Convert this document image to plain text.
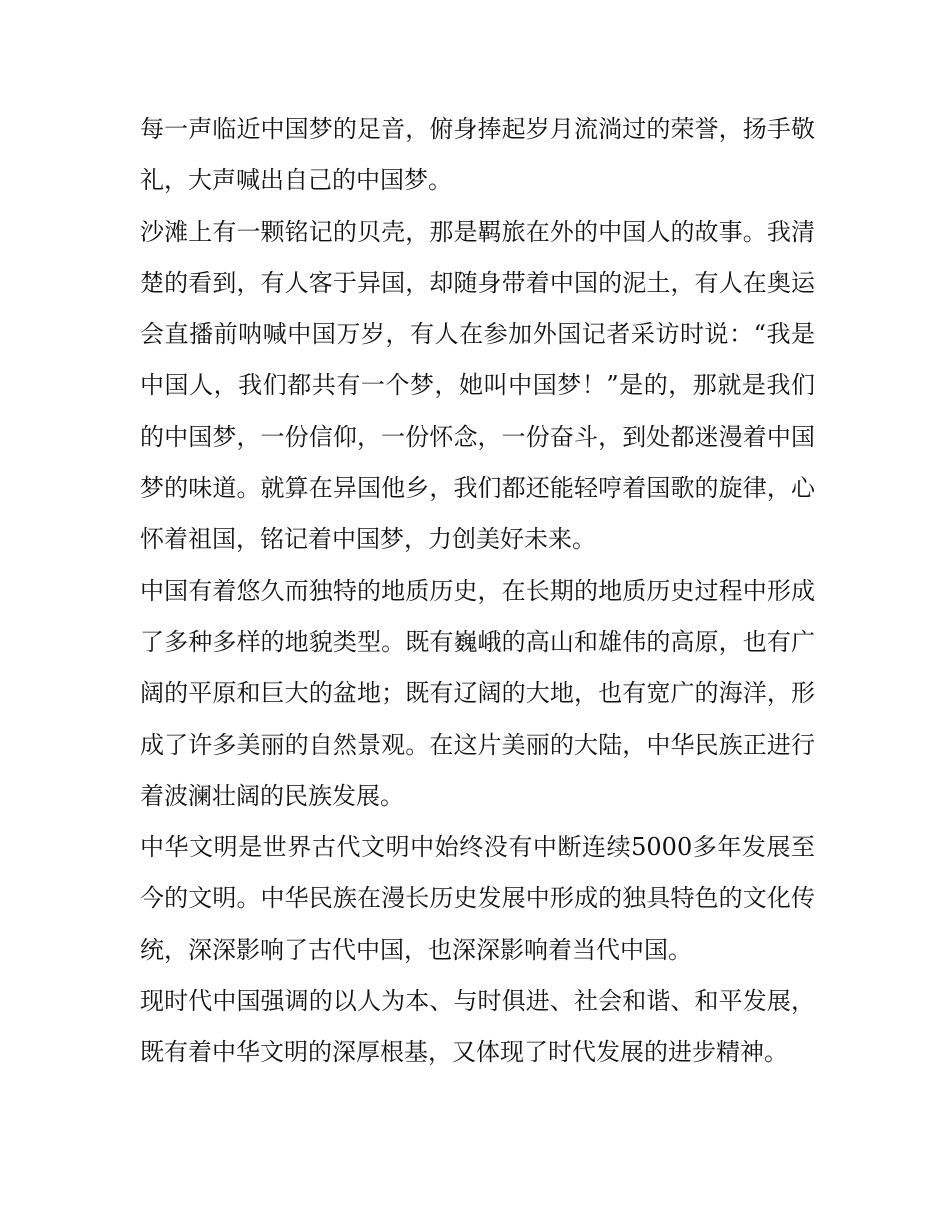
每一声临近中国梦的足音，俯身捧起岁月流淌过的荣誉，扬手敬礼，大声喊出自己的中国梦。

沙滩上有一颗铭记的贝壳，那是羁旅在外的中国人的故事。我清楚的看到，有人客于异国，却随身带着中国的泥土，有人在奥运会直播前呐喊中国万岁，有人在参加外国记者采访时说：“我是中国人，我们都共有一个梦，她叫中国梦！”是的，那就是我们的中国梦，一份信仰，一份怀念，一份奋斗，到处都迷漫着中国梦的味道。就算在异国他乡，我们都还能轻哼着国歌的旋律，心怀着祖国，铭记着中国梦，力创美好未来。

中国有着悠久而独特的地质历史，在长期的地质历史过程中形成了多种多样的地貌类型。既有巍峨的高山和雄伟的高原，也有广阔的平原和巨大的盆地；既有辽阔的大地，也有宽广的海洋，形成了许多美丽的自然景观。在这片美丽的大陆，中华民族正进行着波澜壮阔的民族发展。

中华文明是世界古代文明中始终没有中断连续5000多年发展至今的文明。中华民族在漫长历史发展中形成的独具特色的文化传统，深深影响了古代中国，也深深影响着当代中国。

现时代中国强调的以人为本、与时俱进、社会和谐、和平发展，既有着中华文明的深厚根基，又体现了时代发展的进步精神。
